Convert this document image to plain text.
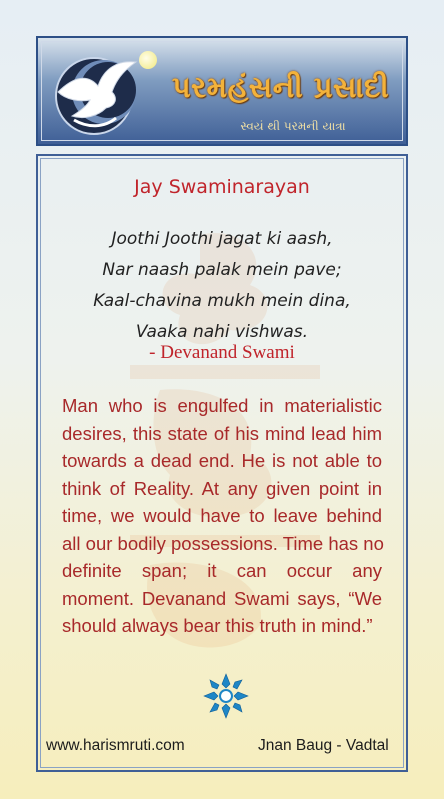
પરમહંસની પ્રસાદી
સ્વયં થી પરમની યાત્રા
Jay Swaminarayan
Joothi Joothi jagat ki aash,
Nar naash palak mein pave;
Kaal-chavina mukh mein dina,
Vaaka nahi vishwas.
- Devanand Swami
Man who is engulfed in materialistic
desires, this state of his mind lead him
towards a dead end. He is not able to
think of Reality. At any given point in
time, we would have to leave behind
all our bodily possessions. Time has no
definite span; it can occur any
moment. Devanand Swami says, “We
should always bear this truth in mind.”
www.harismruti.com	Jnan Baug - Vadtal
